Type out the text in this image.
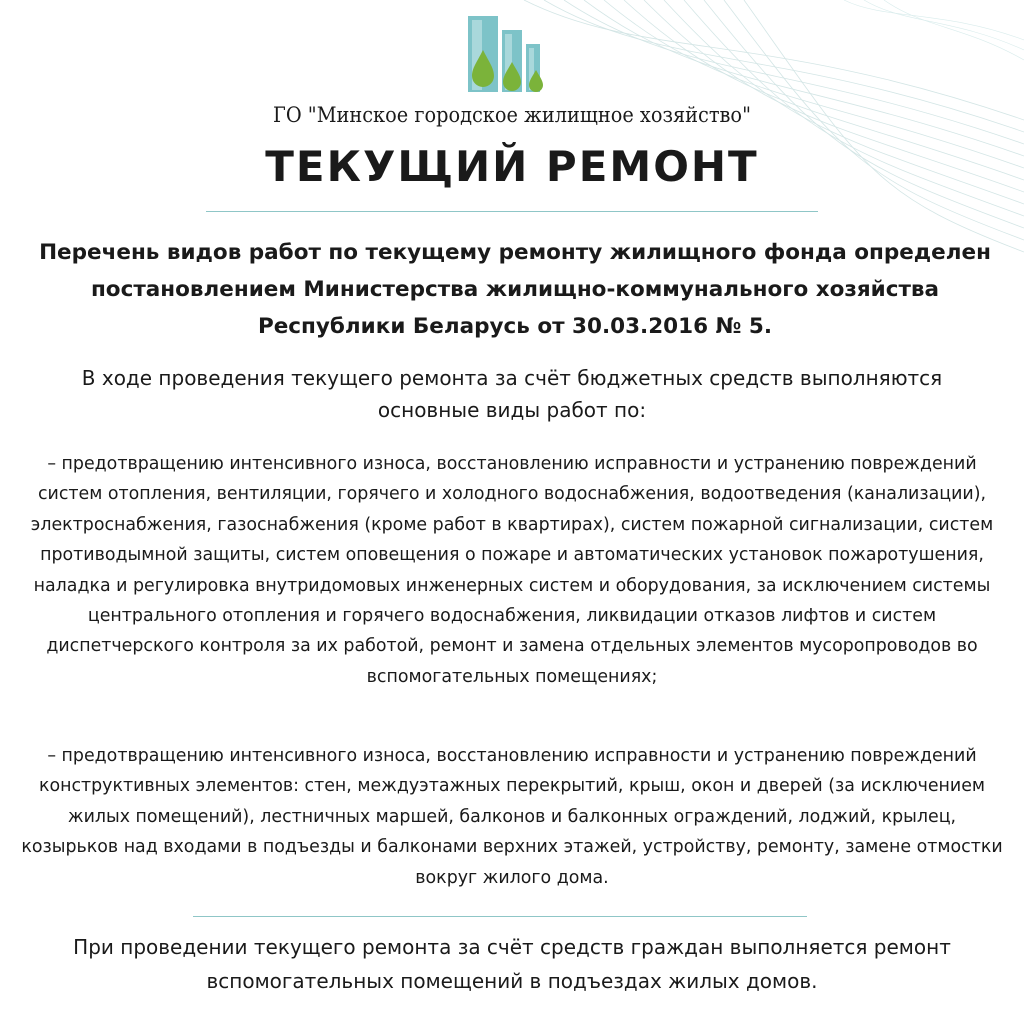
ГО "Минское городское жилищное хозяйство"
ТЕКУЩИЙ РЕМОНТ
Перечень видов работ по текущему ремонту жилищного фонда определен постановлением Министерства жилищно-коммунального хозяйства Республики Беларусь от 30.03.2016 № 5.
В ходе проведения текущего ремонта за счёт бюджетных средств выполняются основные виды работ по:
– предотвращению интенсивного износа, восстановлению исправности и устранению повреждений систем отопления, вентиляции, горячего и холодного водоснабжения, водоотведения (канализации), электроснабжения, газоснабжения (кроме работ в квартирах), систем пожарной сигнализации, систем противодымной защиты, систем оповещения о пожаре и автоматических установок пожаротушения, наладка и регулировка внутридомовых инженерных систем и оборудования, за исключением системы центрального отопления и горячего водоснабжения, ликвидации отказов лифтов и систем диспетчерского контроля за их работой, ремонт и замена отдельных элементов мусоропроводов во вспомогательных помещениях;
– предотвращению интенсивного износа, восстановлению исправности и устранению повреждений конструктивных элементов: стен, междуэтажных перекрытий, крыш, окон и дверей (за исключением жилых помещений), лестничных маршей, балконов и балконных ограждений, лоджий, крылец, козырьков над входами в подъезды и балконами верхних этажей, устройству, ремонту, замене отмостки вокруг жилого дома.
При проведении текущего ремонта за счёт средств граждан выполняется ремонт вспомогательных помещений в подъездах жилых домов.
